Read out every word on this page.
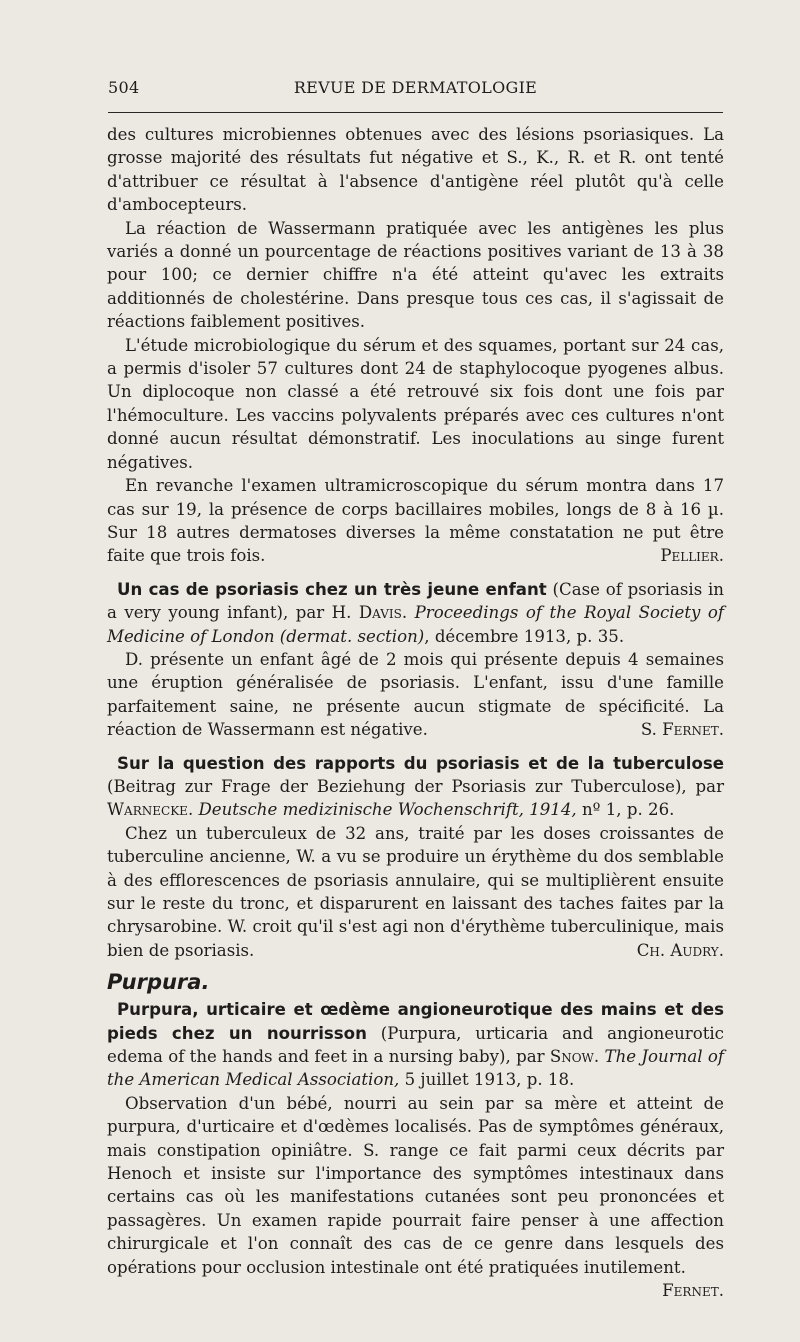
504	REVUE DE DERMATOLOGIE

des cultures microbiennes obtenues avec des lésions psoriasiques. La grosse majorité des résultats fut négative et S., K., R. et R. ont tenté d'attribuer ce résultat à l'absence d'antigène réel plutôt qu'à celle d'ambocepteurs.

La réaction de Wassermann pratiquée avec les antigènes les plus variés a donné un pourcentage de réactions positives variant de 13 à 38 pour 100; ce dernier chiffre n'a été atteint qu'avec les extraits additionnés de cholestérine. Dans presque tous ces cas, il s'agissait de réactions faiblement positives.

L'étude microbiologique du sérum et des squames, portant sur 24 cas, a permis d'isoler 57 cultures dont 24 de staphylocoque pyogenes albus. Un diplocoque non classé a été retrouvé six fois dont une fois par l'hémoculture. Les vaccins polyvalents préparés avec ces cultures n'ont donné aucun résultat démonstratif. Les inoculations au singe furent négatives.

En revanche l'examen ultramicroscopique du sérum montra dans 17 cas sur 19, la présence de corps bacillaires mobiles, longs de 8 à 16 µ. Sur 18 autres dermatoses diverses la même constatation ne put être faite que trois fois.	Pellier.

Un cas de psoriasis chez un très jeune enfant (Case of psoriasis in a very young infant), par H. Davis. Proceedings of the Royal Society of Medicine of London (dermat. section), décembre 1913, p. 35.

D. présente un enfant âgé de 2 mois qui présente depuis 4 semaines une éruption généralisée de psoriasis. L'enfant, issu d'une famille parfaitement saine, ne présente aucun stigmate de spécificité. La réaction de Wassermann est négative.	S. Fernet.

Sur la question des rapports du psoriasis et de la tuberculose (Beitrag zur Frage der Beziehung der Psoriasis zur Tuberculose), par Warnecke. Deutsche medizinische Wochenschrift, 1914, nº 1, p. 26.

Chez un tuberculeux de 32 ans, traité par les doses croissantes de tuberculine ancienne, W. a vu se produire un érythème du dos semblable à des efflorescences de psoriasis annulaire, qui se multiplièrent ensuite sur le reste du tronc, et disparurent en laissant des taches faites par la chrysarobine. W. croit qu'il s'est agi non d'érythème tuberculinique, mais bien de psoriasis.	Ch. Audry.

Purpura.

Purpura, urticaire et œdème angioneurotique des mains et des pieds chez un nourrisson (Purpura, urticaria and angioneurotic edema of the hands and feet in a nursing baby), par Snow. The Journal of the American Medical Association, 5 juillet 1913, p. 18.

Observation d'un bébé, nourri au sein par sa mère et atteint de purpura, d'urticaire et d'œdèmes localisés. Pas de symptômes généraux, mais constipation opiniâtre. S. range ce fait parmi ceux décrits par Henoch et insiste sur l'importance des symptômes intestinaux dans certains cas où les manifestations cutanées sont peu prononcées et passagères. Un examen rapide pourrait faire penser à une affection chirurgicale et l'on connaît des cas de ce genre dans lesquels des opérations pour occlusion intestinale ont été pratiquées inutilement.
Fernet.
